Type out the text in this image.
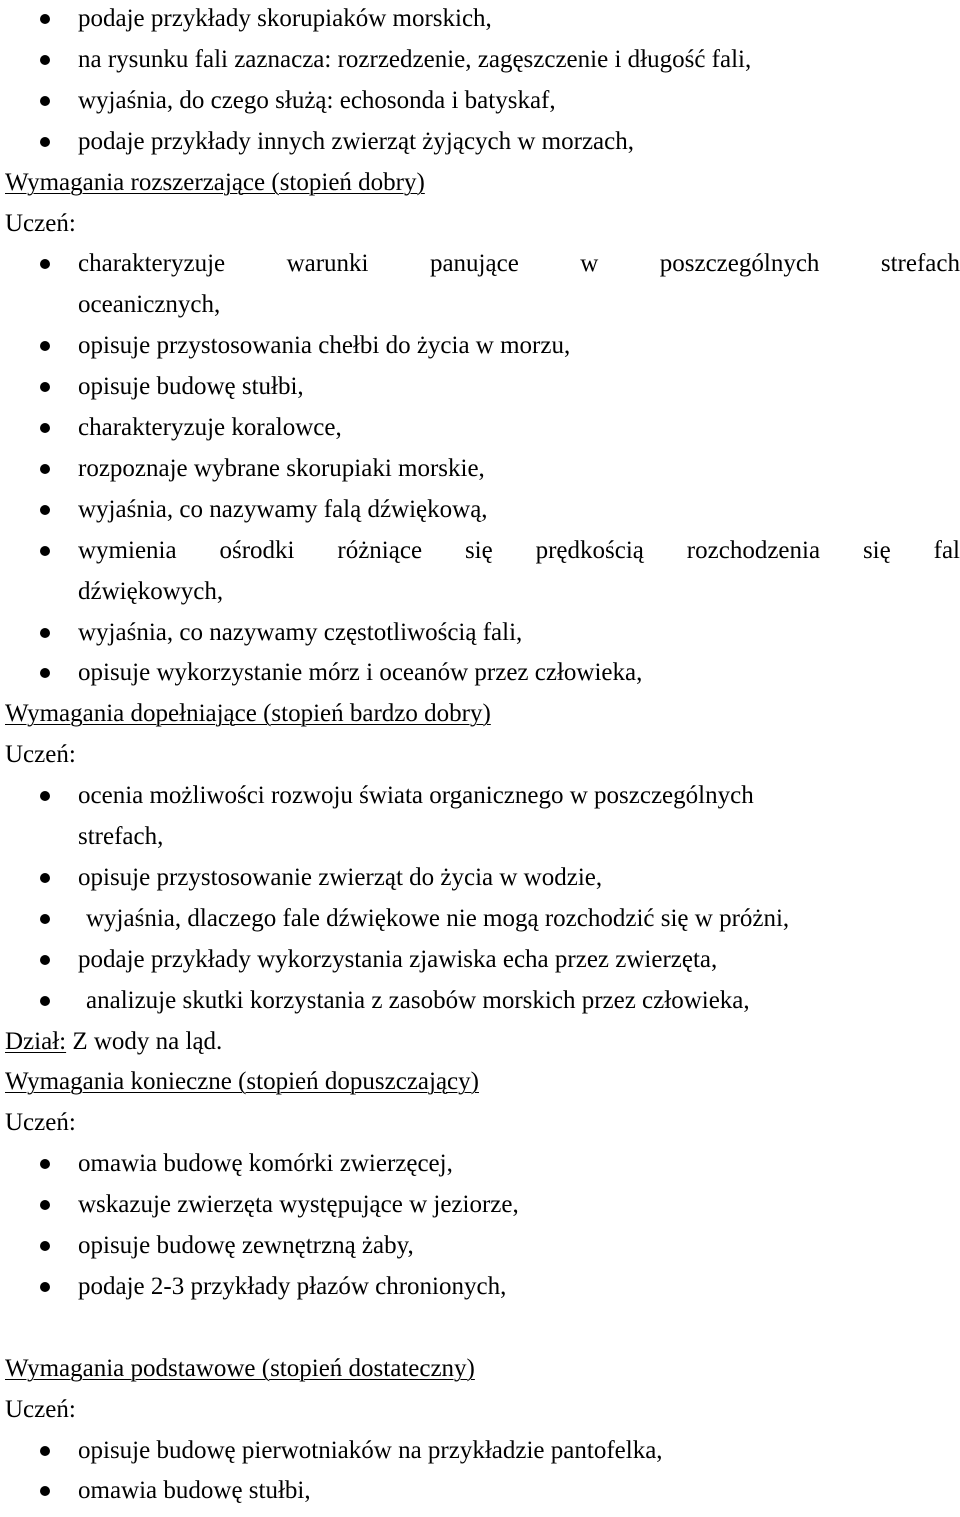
podaje przykłady skorupiaków morskich,
na rysunku fali zaznacza: rozrzedzenie, zagęszczenie i długość fali,
wyjaśnia, do czego służą: echosonda i batyskaf,
podaje przykłady innych zwierząt żyjących w morzach,
Wymagania rozszerzające (stopień dobry)
Uczeń:
charakteryzuje warunki panujące w poszczególnych strefach
oceanicznych,
opisuje przystosowania chełbi do życia w morzu,
opisuje budowę stułbi,
charakteryzuje koralowce,
rozpoznaje wybrane skorupiaki morskie,
wyjaśnia, co nazywamy falą dźwiękową,
wymienia ośrodki różniące się prędkością rozchodzenia się fal
dźwiękowych,
wyjaśnia, co nazywamy częstotliwością fali,
opisuje wykorzystanie mórz i oceanów przez człowieka,
Wymagania dopełniające (stopień bardzo dobry)
Uczeń:
ocenia możliwości rozwoju świata organicznego w poszczególnych
strefach,
opisuje przystosowanie zwierząt do życia w wodzie,
wyjaśnia, dlaczego fale dźwiękowe nie mogą rozchodzić się w próżni,
podaje przykłady wykorzystania zjawiska echa przez zwierzęta,
analizuje skutki korzystania z zasobów morskich przez człowieka,
Dział: Z wody na ląd.
Wymagania konieczne (stopień dopuszczający)
Uczeń:
omawia budowę komórki zwierzęcej,
wskazuje zwierzęta występujące w jeziorze,
opisuje budowę zewnętrzną żaby,
podaje 2-3 przykłady płazów chronionych,
Wymagania podstawowe (stopień dostateczny)
Uczeń:
opisuje budowę pierwotniaków na przykładzie pantofelka,
omawia budowę stułbi,
